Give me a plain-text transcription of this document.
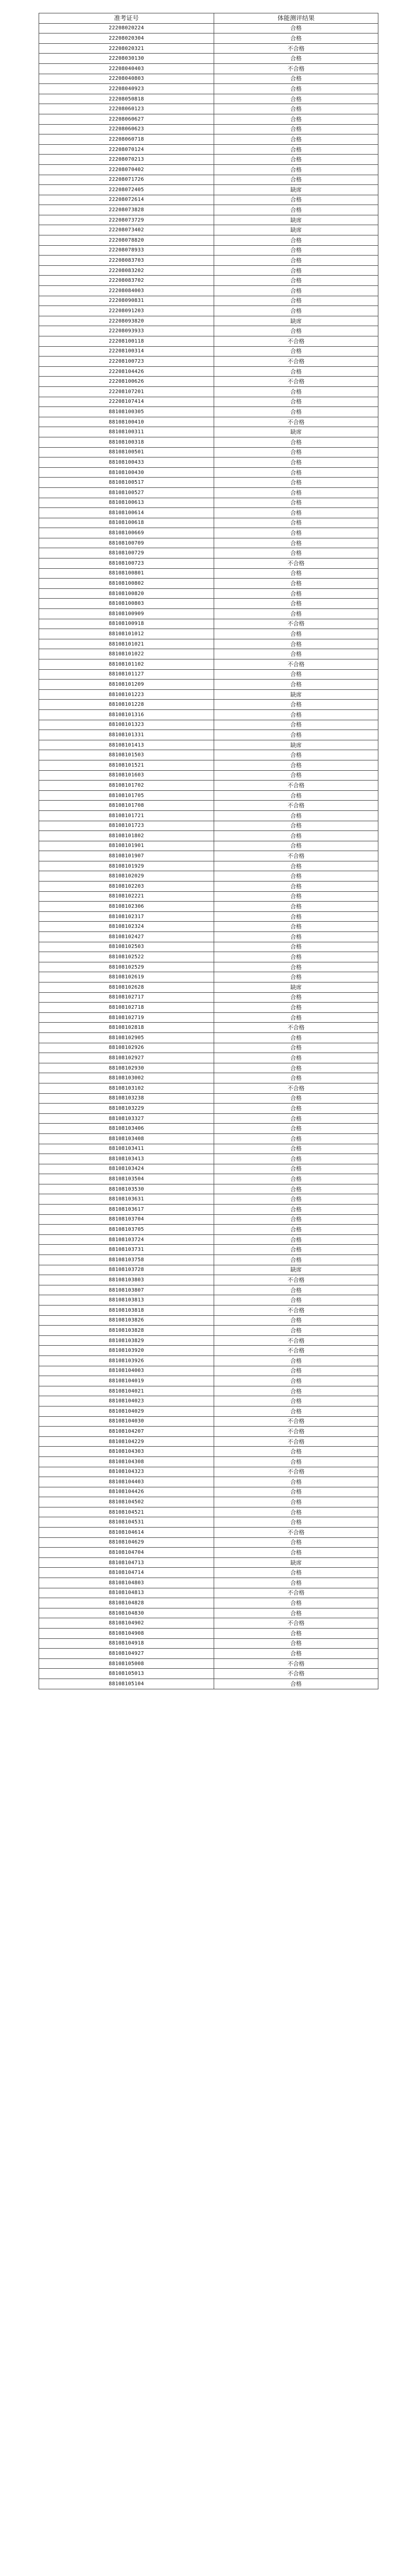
准考证号	体能测评结果
22208020224	合格
22208020304	合格
22208020321	不合格
22208030130	合格
22208040403	不合格
22208040803	合格
22208040923	合格
22208050818	合格
22208060123	合格
22208060627	合格
22208060623	合格
22208060718	合格
22208070124	合格
22208070213	合格
22208070402	合格
22208071726	合格
22208072405	缺席
22208072614	合格
22208073828	合格
22208073729	缺席
22208073402	缺席
22208078820	合格
22208078933	合格
22208083703	合格
22208083202	合格
22208083702	合格
22208084003	合格
22208090831	合格
22208091203	合格
22208093820	缺席
22208093933	合格
22208100118	不合格
22208100314	合格
22208100723	不合格
22208104426	合格
22208100626	不合格
22208107201	合格
22208107414	合格
88108100305	合格
88108100410	不合格
88108100311	缺席
88108100318	合格
88108100501	合格
88108100433	合格
88108100430	合格
88108100517	合格
88108100527	合格
88108100613	合格
88108100614	合格
88108100618	合格
88108100669	合格
88108100709	合格
88108100729	合格
88108100723	不合格
88108100801	合格
88108100802	合格
88108100820	合格
88108100803	合格
88108100909	合格
88108100918	不合格
88108101012	合格
88108101021	合格
88108101022	合格
88108101102	不合格
88108101127	合格
88108101209	合格
88108101223	缺席
88108101228	合格
88108101316	合格
88108101323	合格
88108101331	合格
88108101413	缺席
88108101503	合格
88108101521	合格
88108101603	合格
88108101702	不合格
88108101705	合格
88108101708	不合格
88108101721	合格
88108101723	合格
88108101802	合格
88108101901	合格
88108101907	不合格
88108101929	合格
88108102029	合格
88108102203	合格
88108102221	合格
88108102306	合格
88108102317	合格
88108102324	合格
88108102427	合格
88108102503	合格
88108102522	合格
88108102529	合格
88108102619	合格
88108102628	缺席
88108102717	合格
88108102718	合格
88108102719	合格
88108102818	不合格
88108102905	合格
88108102926	合格
88108102927	合格
88108102930	合格
88108103002	合格
88108103102	不合格
88108103238	合格
88108103229	合格
88108103327	合格
88108103406	合格
88108103408	合格
88108103411	合格
88108103413	合格
88108103424	合格
88108103504	合格
88108103530	合格
88108103631	合格
88108103617	合格
88108103704	合格
88108103705	合格
88108103724	合格
88108103731	合格
88108103758	合格
88108103728	缺席
88108103803	不合格
88108103807	合格
88108103813	合格
88108103818	不合格
88108103826	合格
88108103828	合格
88108103829	不合格
88108103920	不合格
88108103926	合格
88108104003	合格
88108104019	合格
88108104021	合格
88108104023	合格
88108104029	合格
88108104030	不合格
88108104207	不合格
88108104229	不合格
88108104303	合格
88108104308	合格
88108104323	不合格
88108104403	合格
88108104426	合格
88108104502	合格
88108104521	合格
88108104531	合格
88108104614	不合格
88108104629	合格
88108104704	合格
88108104713	缺席
88108104714	合格
88108104803	合格
88108104813	不合格
88108104828	合格
88108104830	合格
88108104902	不合格
88108104908	合格
88108104918	合格
88108104927	合格
88108105008	不合格
88108105013	不合格
88108105104	合格
